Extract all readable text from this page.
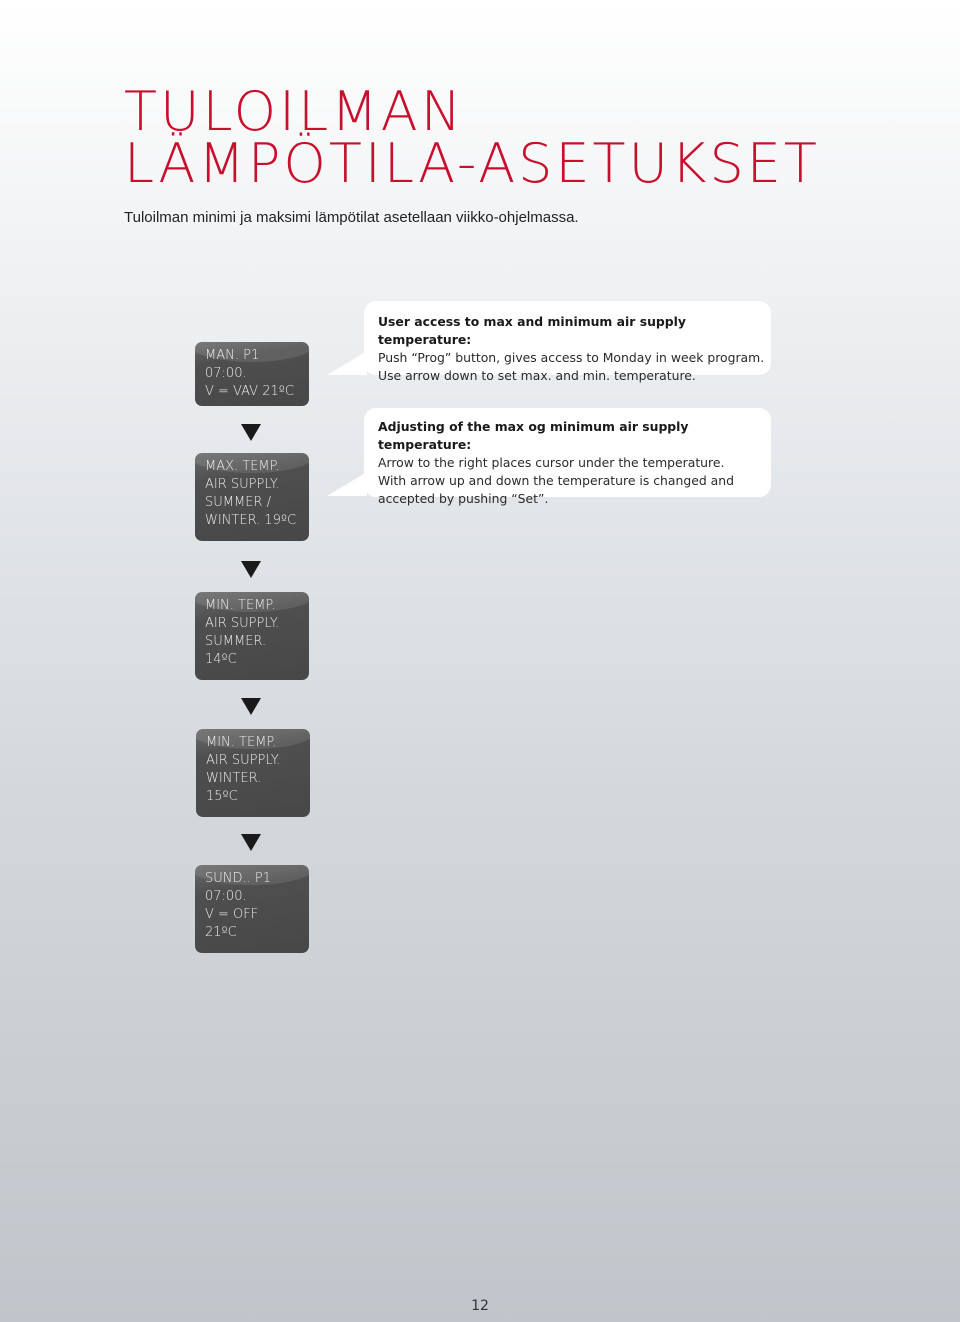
TULOILMAN
LÄMPÖTILA-ASETUKSET

Tuloilman minimi ja maksimi lämpötilat asetellaan viikko-ohjelmassa.

MAN. P1
07:00.
V = VAV 21ºC
MAX. TEMP.
AIR SUPPLY.
SUMMER /
WINTER. 19ºC
MIN. TEMP.
AIR SUPPLY.
SUMMER.
14ºC
MIN. TEMP.
AIR SUPPLY.
WINTER.
15ºC
SUND.. P1
07:00.
V = OFF
21ºC
User access to max and minimum air supply temperature:
Push “Prog” button, gives access to Monday in week program.
Use arrow down to set max. and min. temperature.
Adjusting of the max og minimum air supply temperature:
Arrow to the right places cursor under the temperature.
With arrow up and down the temperature is changed and
accepted by pushing “Set”.
12
